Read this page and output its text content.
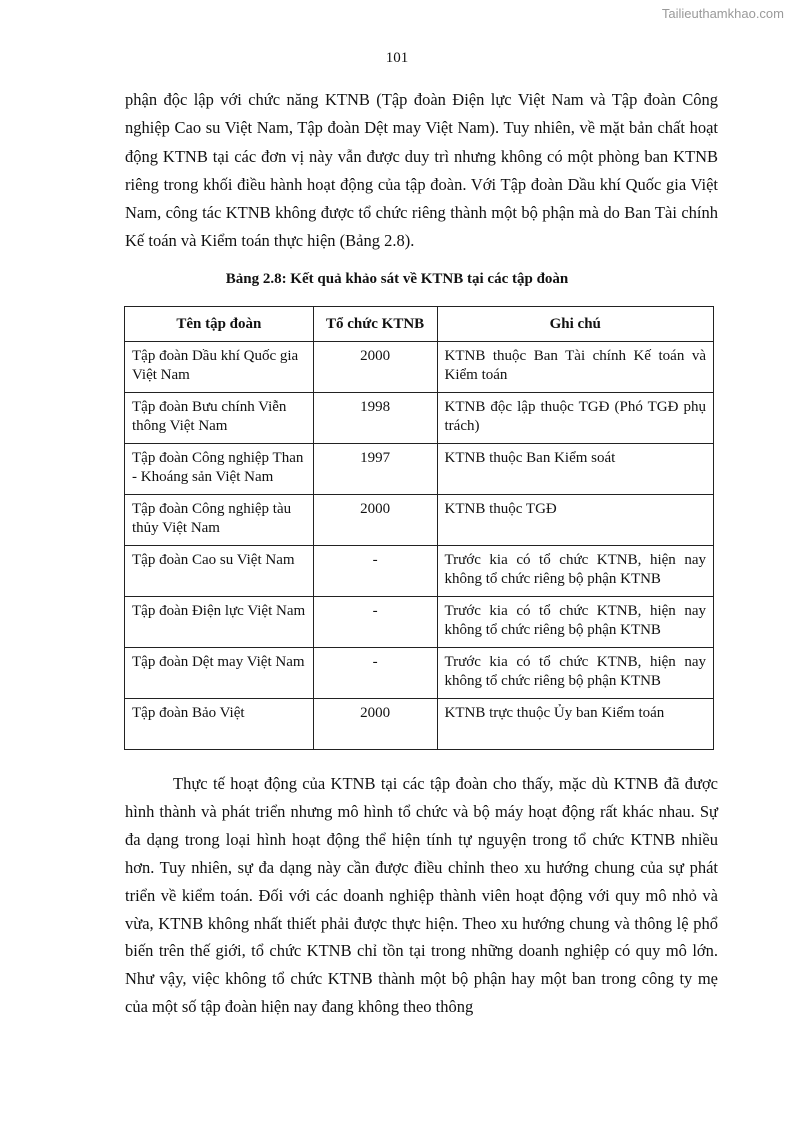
Tailieuthamkhao.com
101

phận độc lập với chức năng KTNB (Tập đoàn Điện lực Việt Nam và Tập đoàn Công nghiệp Cao su Việt Nam, Tập đoàn Dệt may Việt Nam). Tuy nhiên, về mặt bản chất hoạt động KTNB tại các đơn vị này vẫn được duy trì nhưng không có một phòng ban KTNB riêng trong khối điều hành hoạt động của tập đoàn. Với Tập đoàn Dầu khí Quốc gia Việt Nam, công tác KTNB không được tổ chức riêng thành một bộ phận mà do Ban Tài chính Kế toán và Kiểm toán thực hiện (Bảng 2.8).

Bảng 2.8: Kết quả khảo sát về KTNB tại các tập đoàn
Tên tập đoàn	Tổ chức KTNB	Ghi chú
Tập đoàn Dầu khí Quốc gia Việt Nam	2000	KTNB thuộc Ban Tài chính Kế toán và Kiểm toán
Tập đoàn Bưu chính Viễn thông Việt Nam	1998	KTNB độc lập thuộc TGĐ (Phó TGĐ phụ trách)
Tập đoàn Công nghiệp Than - Khoáng sản Việt Nam	1997	KTNB thuộc Ban Kiểm soát
Tập đoàn Công nghiệp tàu thủy Việt Nam	2000	KTNB thuộc TGĐ
Tập đoàn Cao su Việt Nam	-	Trước kia có tổ chức KTNB, hiện nay không tổ chức riêng bộ phận KTNB
Tập đoàn Điện lực Việt Nam	-	Trước kia có tổ chức KTNB, hiện nay không tổ chức riêng bộ phận KTNB
Tập đoàn Dệt may Việt Nam	-	Trước kia có tổ chức KTNB, hiện nay không tổ chức riêng bộ phận KTNB
Tập đoàn Bảo Việt	2000	KTNB trực thuộc Ủy ban Kiểm toán

Thực tế hoạt động của KTNB tại các tập đoàn cho thấy, mặc dù KTNB đã được hình thành và phát triển nhưng mô hình tổ chức và bộ máy hoạt động rất khác nhau. Sự đa dạng trong loại hình hoạt động thể hiện tính tự nguyện trong tổ chức KTNB nhiều hơn. Tuy nhiên, sự đa dạng này cần được điều chỉnh theo xu hướng chung của sự phát triển về kiểm toán. Đối với các doanh nghiệp thành viên hoạt động với quy mô nhỏ và vừa, KTNB không nhất thiết phải được thực hiện. Theo xu hướng chung và thông lệ phổ biến trên thế giới, tổ chức KTNB chỉ tồn tại trong những doanh nghiệp có quy mô lớn. Như vậy, việc không tổ chức KTNB thành một bộ phận hay một ban trong công ty mẹ của một số tập đoàn hiện nay đang không theo thông
